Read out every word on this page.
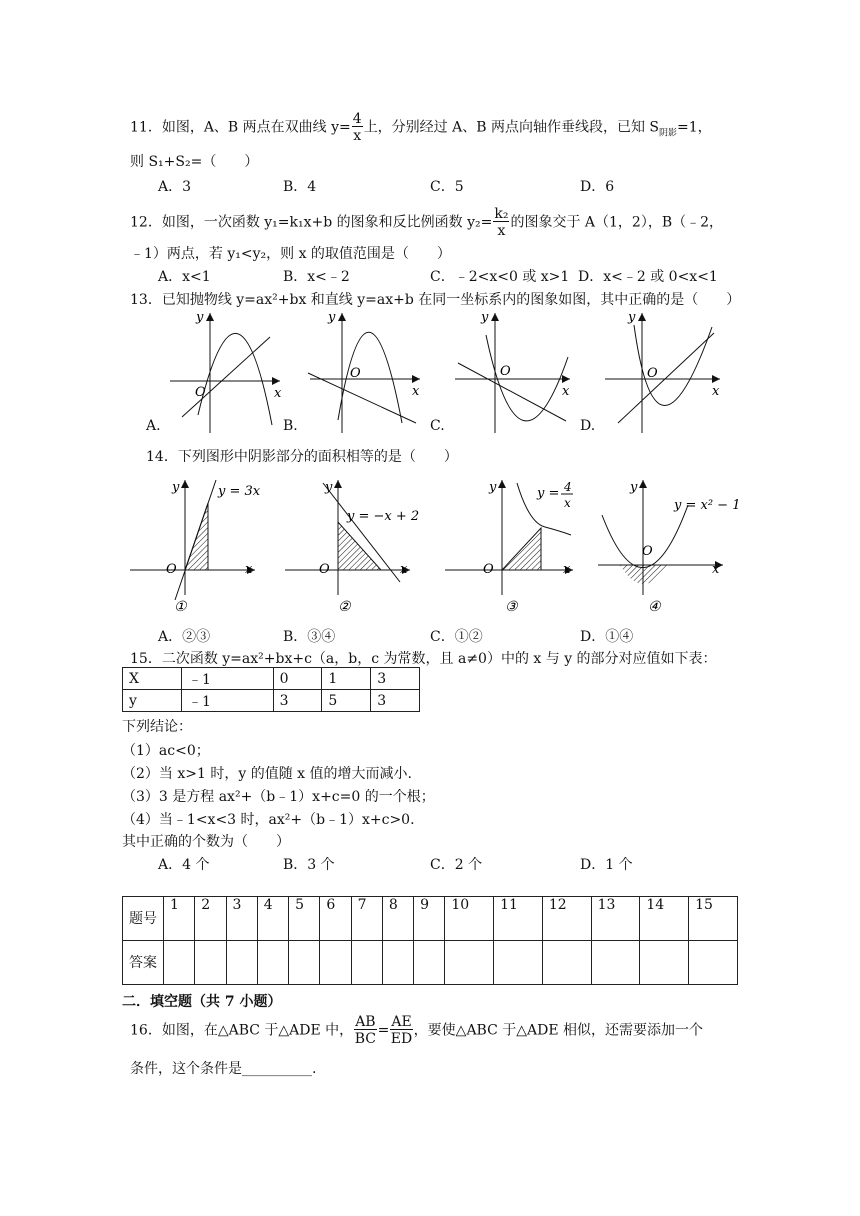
11．如图，A、B 两点在双曲线 $y= \frac{4}{x}$ 上，分别经过 A、B 两点向轴作垂线段，已知 $S_{阴影}=1$，
则 S₁+S₂=（　　）
A．3	B．4	C．5	D．6
12．如图，一次函数 y₁=k₁x+b 的图象和反比例函数 $y_2= \frac{\text{k₂}}{x}$ 的图象交于 A（1，2），B（﹣2，
﹣1）两点，若 y₁<y₂，则 x 的取值范围是（　　）
A．x<1	B．x<﹣2	C．﹣2<x<0 或 x>1 D．x<﹣2 或 0<x<1
13．已知抛物线 y=ax²+bx 和直线 y=ax+b 在同一坐标系内的图象如图，其中正确的是（　　）
y
x
O
y
x
O
y
x
O
y
x
O
A.	B.	C.	D.
14．下列图形中阴影部分的面积相等的是（　　）
y
x
O
y = 3x
①
y
x
O
y = −x + 2
②
y
x
O
y = 4
x
③
y
x
O
y = x² − 1
④
A．②③	B．③④	C．①②	D．①④
15．二次函数 y=ax²+bx+c（a，b，c 为常数，且 a≠0）中的 x 与 y 的部分对应值如下表：
X	﹣1	0	1	3
y	﹣1	3	5	3
下列结论：
（1）ac<0；
（2）当 x>1 时，y 的值随 x 值的增大而减小.
（3）3 是方程 ax²+（b﹣1）x+c=0 的一个根；
（4）当﹣1<x<3 时，ax²+（b﹣1）x+c>0.
其中正确的个数为（　　）
A．4 个	B．3 个	C．2 个	D．1 个
题号	1	2	3	4	5	6	7	8	9	10	11	12	13	14	15
答案															
二．填空题（共 7 小题）
16．如图，在△ABC 于△ADE 中， $\frac{AB}{BC} = \frac{AE}{ED}$ ，要使△ABC 于△ADE 相似，还需要添加一个
条件，这个条件是__________.
